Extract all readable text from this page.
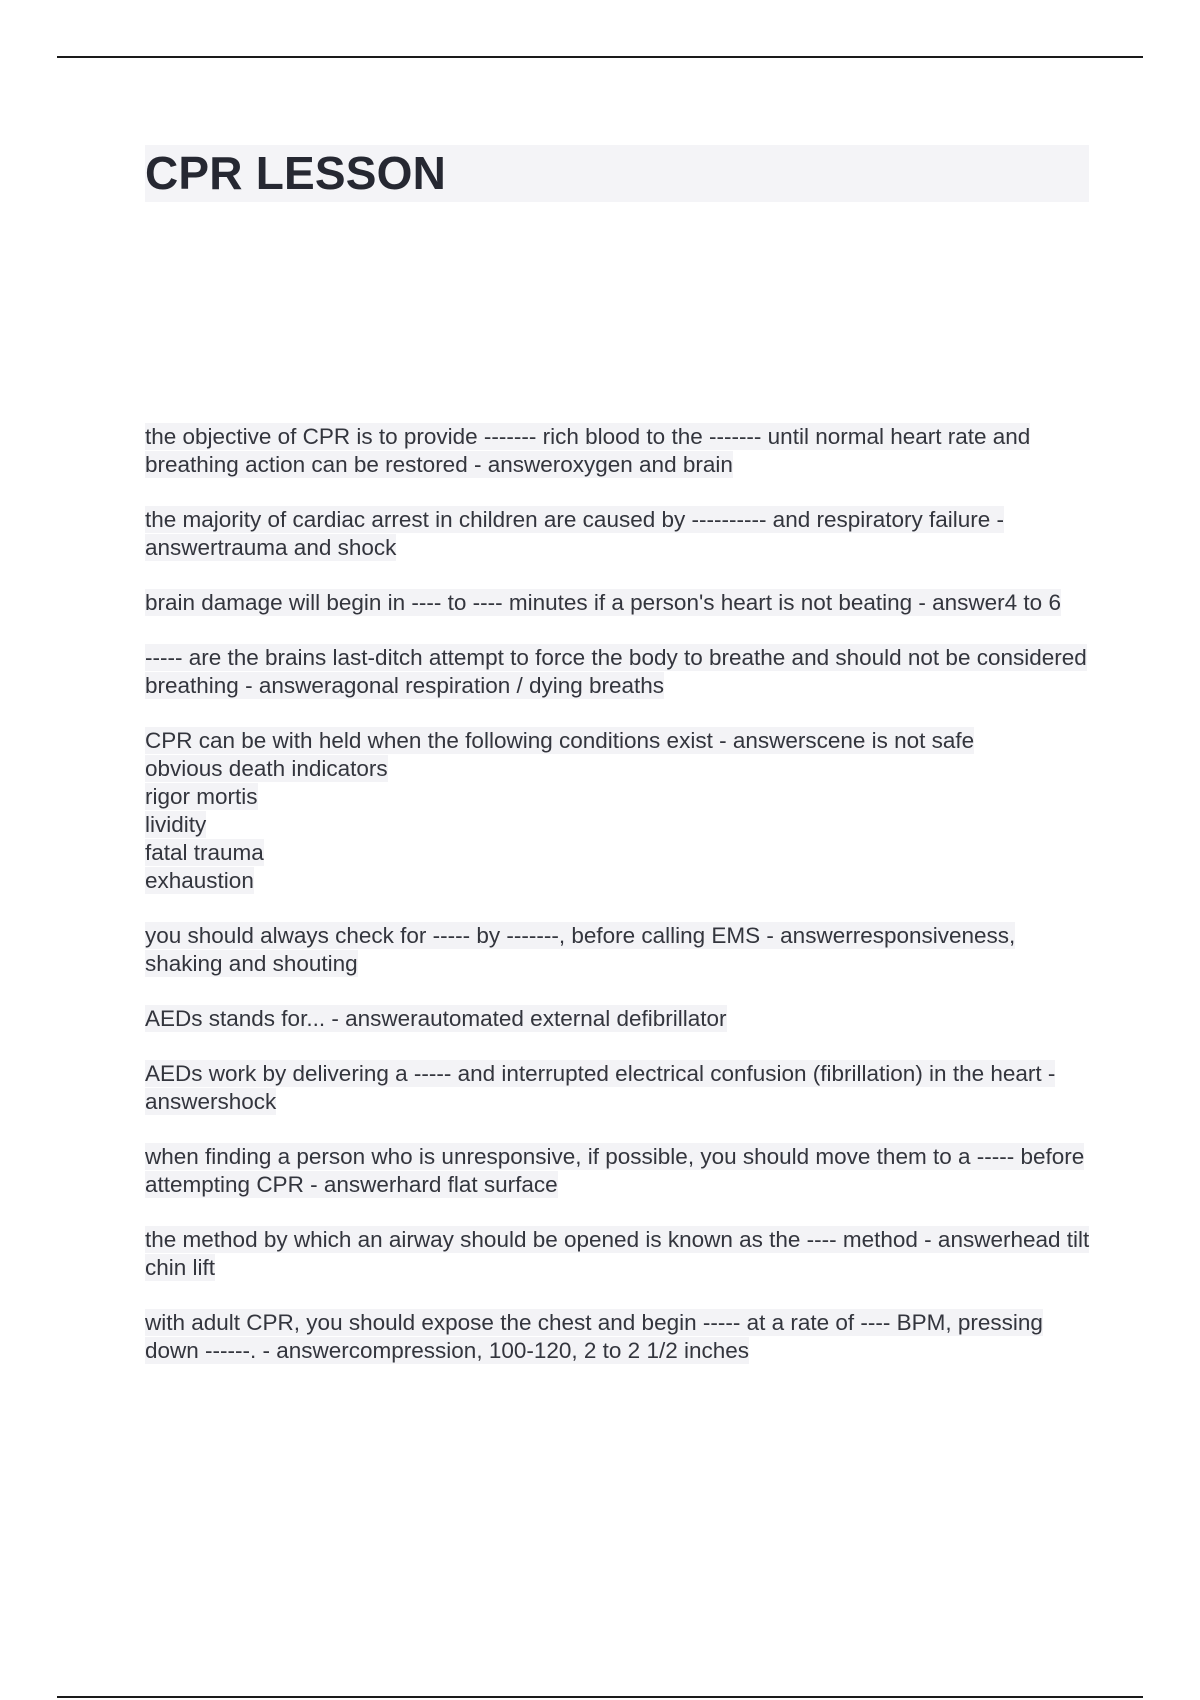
CPR LESSON
the objective of CPR is to provide ------- rich blood to the ------- until normal heart rate and breathing action can be restored - answeroxygen and brain
the majority of cardiac arrest in children are caused by ---------- and respiratory failure - answertrauma and shock
brain damage will begin in ---- to ---- minutes if a person's heart is not beating - answer4 to 6
----- are the brains last-ditch attempt to force the body to breathe and should not be considered breathing - answeragonal respiration / dying breaths
CPR can be with held when the following conditions exist - answerscene is not safe
obvious death indicators
rigor mortis
lividity
fatal trauma
exhaustion
you should always check for ----- by -------, before calling EMS - answerresponsiveness, shaking and shouting
AEDs stands for... - answerautomated external defibrillator
AEDs work by delivering a ----- and interrupted electrical confusion (fibrillation) in the heart - answershock
when finding a person who is unresponsive, if possible, you should move them to a ----- before attempting CPR - answerhard flat surface
the method by which an airway should be opened is known as the ---- method - answerhead tilt chin lift
with adult CPR, you should expose the chest and begin ----- at a rate of ---- BPM, pressing down ------. - answercompression, 100-120, 2 to 2 1/2 inches
